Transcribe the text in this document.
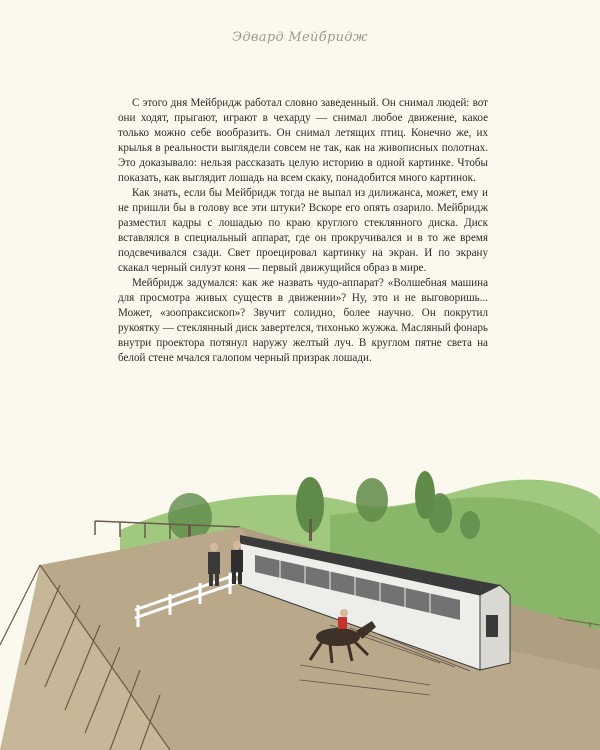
Эдвард Мейбридж

С этого дня Мейбридж работал словно заведенный. Он снимал людей: вот они ходят, прыгают, играют в чехарду — снимал любое движение, какое только можно себе вообразить. Он снимал летящих птиц. Конечно же, их крылья в реальности выглядели совсем не так, как на живописных полотнах. Это доказывало: нельзя рассказать целую историю в одной картинке. Чтобы показать, как выглядит лошадь на всем скаку, понадобится много картинок.

Как знать, если бы Мейбридж тогда не выпал из дилижанса, может, ему и не пришли бы в голову все эти штуки? Вскоре его опять озарило. Мейбридж разместил кадры с лошадью по краю круглого стеклянного диска. Диск вставлялся в специальный аппарат, где он прокручивался и в то же время подсвечивался сзади. Свет проецировал картинку на экран. И по экрану скакал черный силуэт коня — первый движущийся образ в мире.

Мейбридж задумался: как же назвать чудо-аппарат? «Волшебная машина для просмотра живых существ в движении»? Ну, это и не выговоришь... Может, «зоопраксископ»? Звучит солидно, более научно. Он покрутил рукоятку — стеклянный диск завертелся, тихонько жужжа. Масляный фонарь внутри проектора потянул наружу желтый луч. В круглом пятне света на белой стене мчался галопом черный призрак лошади.
